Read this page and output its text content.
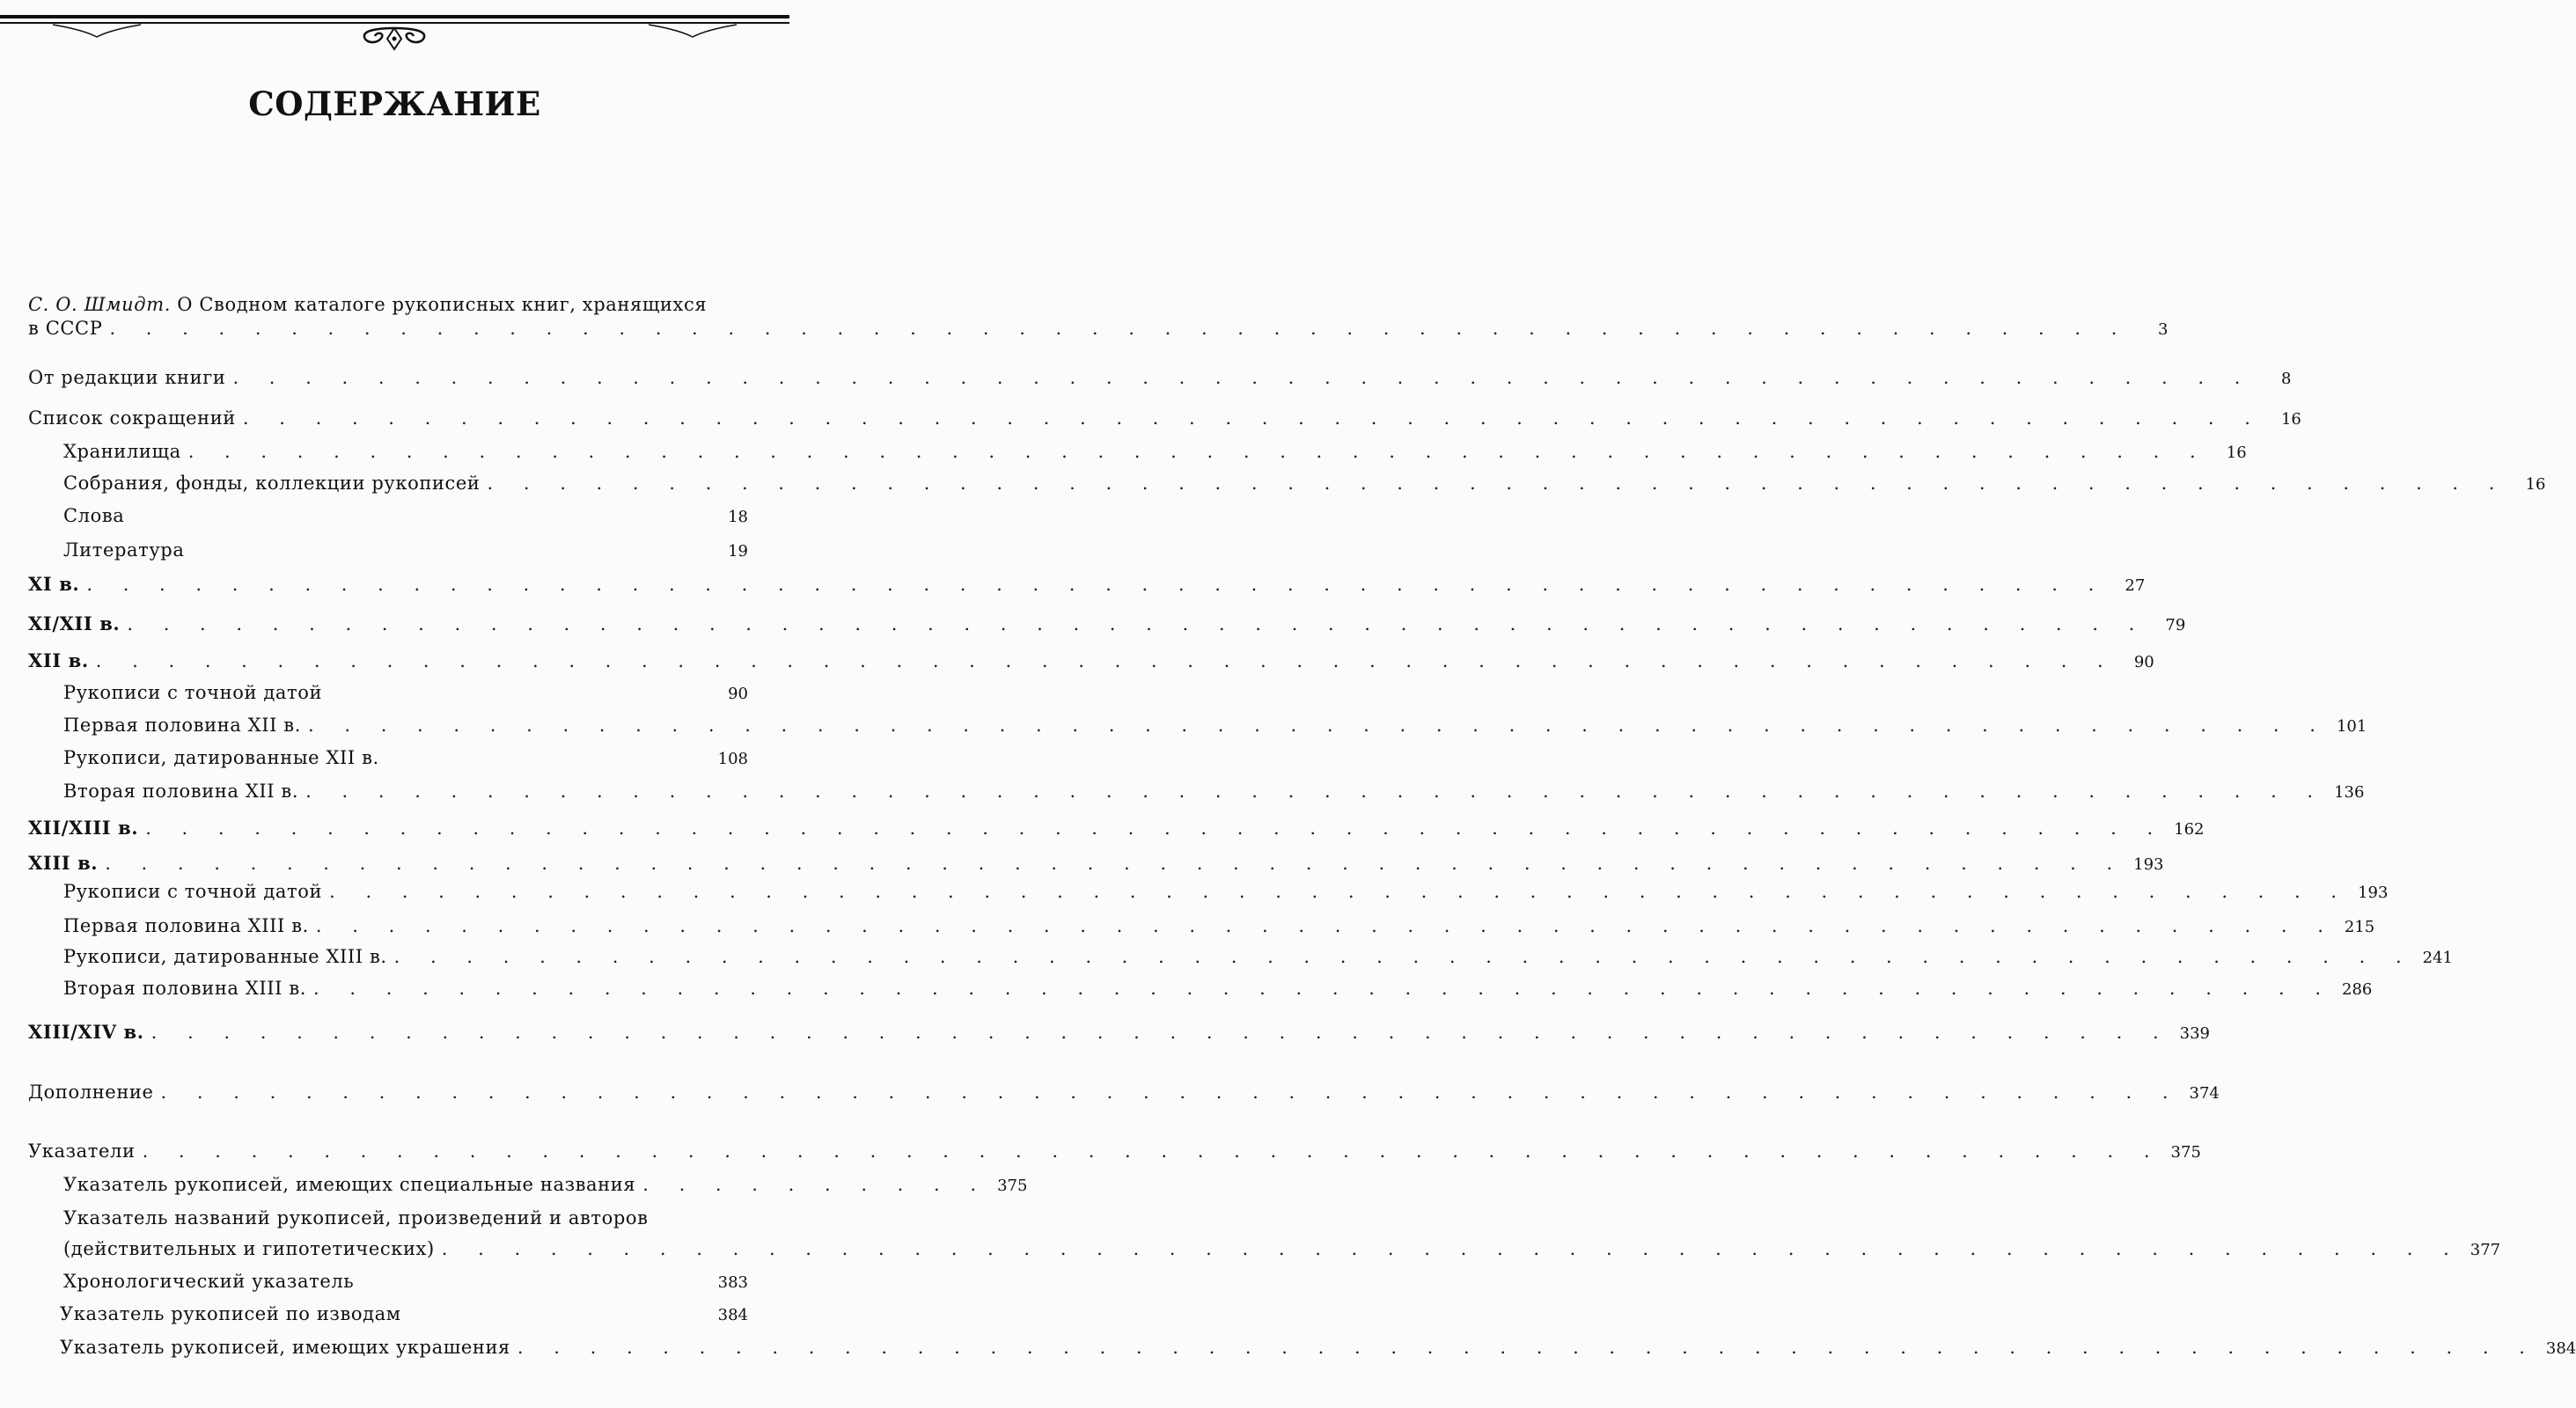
СОДЕРЖАНИЕ
С. О. Шмидт. О Сводном каталоге рукописных книг, хранящихся
в СССР . . . . . . . . . . . . . . . . . . . . . . . . . . . . . . . . . . . . . . . . . . . . . . . . . . . . . . . .	3
От редакции книги . . . . . . . . . . . . . . . . . . . . . . . . . . . . . . . . . . . . . . . . . . . . . . . . . . . . . . . .	8
Список сокращений . . . . . . . . . . . . . . . . . . . . . . . . . . . . . . . . . . . . . . . . . . . . . . . . . . . . . . . .	16
Хранилища . . . . . . . . . . . . . . . . . . . . . . . . . . . . . . . . . . . . . . . . . . . . . . . . . . . . . . . .	16
Собрания, фонды, коллекции рукописей . . . . . . . . . . . . . . . . . . . . . . . . . . . . . . . . . . . . . . . . . . . . . . . . . . . . . . . .	16
Слова	18
Литература	19
XI в. . . . . . . . . . . . . . . . . . . . . . . . . . . . . . . . . . . . . . . . . . . . . . . . . . . . . . . . .	27
XI/XII в. . . . . . . . . . . . . . . . . . . . . . . . . . . . . . . . . . . . . . . . . . . . . . . . . . . . . . . . .	79
XII в. . . . . . . . . . . . . . . . . . . . . . . . . . . . . . . . . . . . . . . . . . . . . . . . . . . . . . . . .	90
Рукописи с точной датой	90
Первая половина XII в. . . . . . . . . . . . . . . . . . . . . . . . . . . . . . . . . . . . . . . . . . . . . . . . . . . . . . . . . 101
Рукописи, датированные XII в.	108
Вторая половина XII в. . . . . . . . . . . . . . . . . . . . . . . . . . . . . . . . . . . . . . . . . . . . . . . . . . . . . . . . . 136
XII/XIII в. . . . . . . . . . . . . . . . . . . . . . . . . . . . . . . . . . . . . . . . . . . . . . . . . . . . . . . . . 162
XIII в. . . . . . . . . . . . . . . . . . . . . . . . . . . . . . . . . . . . . . . . . . . . . . . . . . . . . . . . . 193
Рукописи с точной датой . . . . . . . . . . . . . . . . . . . . . . . . . . . . . . . . . . . . . . . . . . . . . . . . . . . . . . . . 193
Первая половина XIII в. . . . . . . . . . . . . . . . . . . . . . . . . . . . . . . . . . . . . . . . . . . . . . . . . . . . . . . . . 215
Рукописи, датированные XIII в. . . . . . . . . . . . . . . . . . . . . . . . . . . . . . . . . . . . . . . . . . . . . . . . . . . . . . . . . 241
Вторая половина XIII в. . . . . . . . . . . . . . . . . . . . . . . . . . . . . . . . . . . . . . . . . . . . . . . . . . . . . . . . . 286
XIII/XIV в. . . . . . . . . . . . . . . . . . . . . . . . . . . . . . . . . . . . . . . . . . . . . . . . . . . . . . . . . 339
Дополнение . . . . . . . . . . . . . . . . . . . . . . . . . . . . . . . . . . . . . . . . . . . . . . . . . . . . . . . . 374
Указатели . . . . . . . . . . . . . . . . . . . . . . . . . . . . . . . . . . . . . . . . . . . . . . . . . . . . . . . . 375
Указатель рукописей, имеющих специальные названия . . . . . . . . . . 375
Указатель названий рукописей, произведений и авторов
(действительных и гипотетических) . . . . . . . . . . . . . . . . . . . . . . . . . . . . . . . . . . . . . . . . . . . . . . . . . . . . . . . . 377
Хронологический указатель	383
Указатель рукописей по изводам	384
Указатель рукописей, имеющих украшения . . . . . . . . . . . . . . . . . . . . . . . . . . . . . . . . . . . . . . . . . . . . . . . . . . . . . . . . 384
